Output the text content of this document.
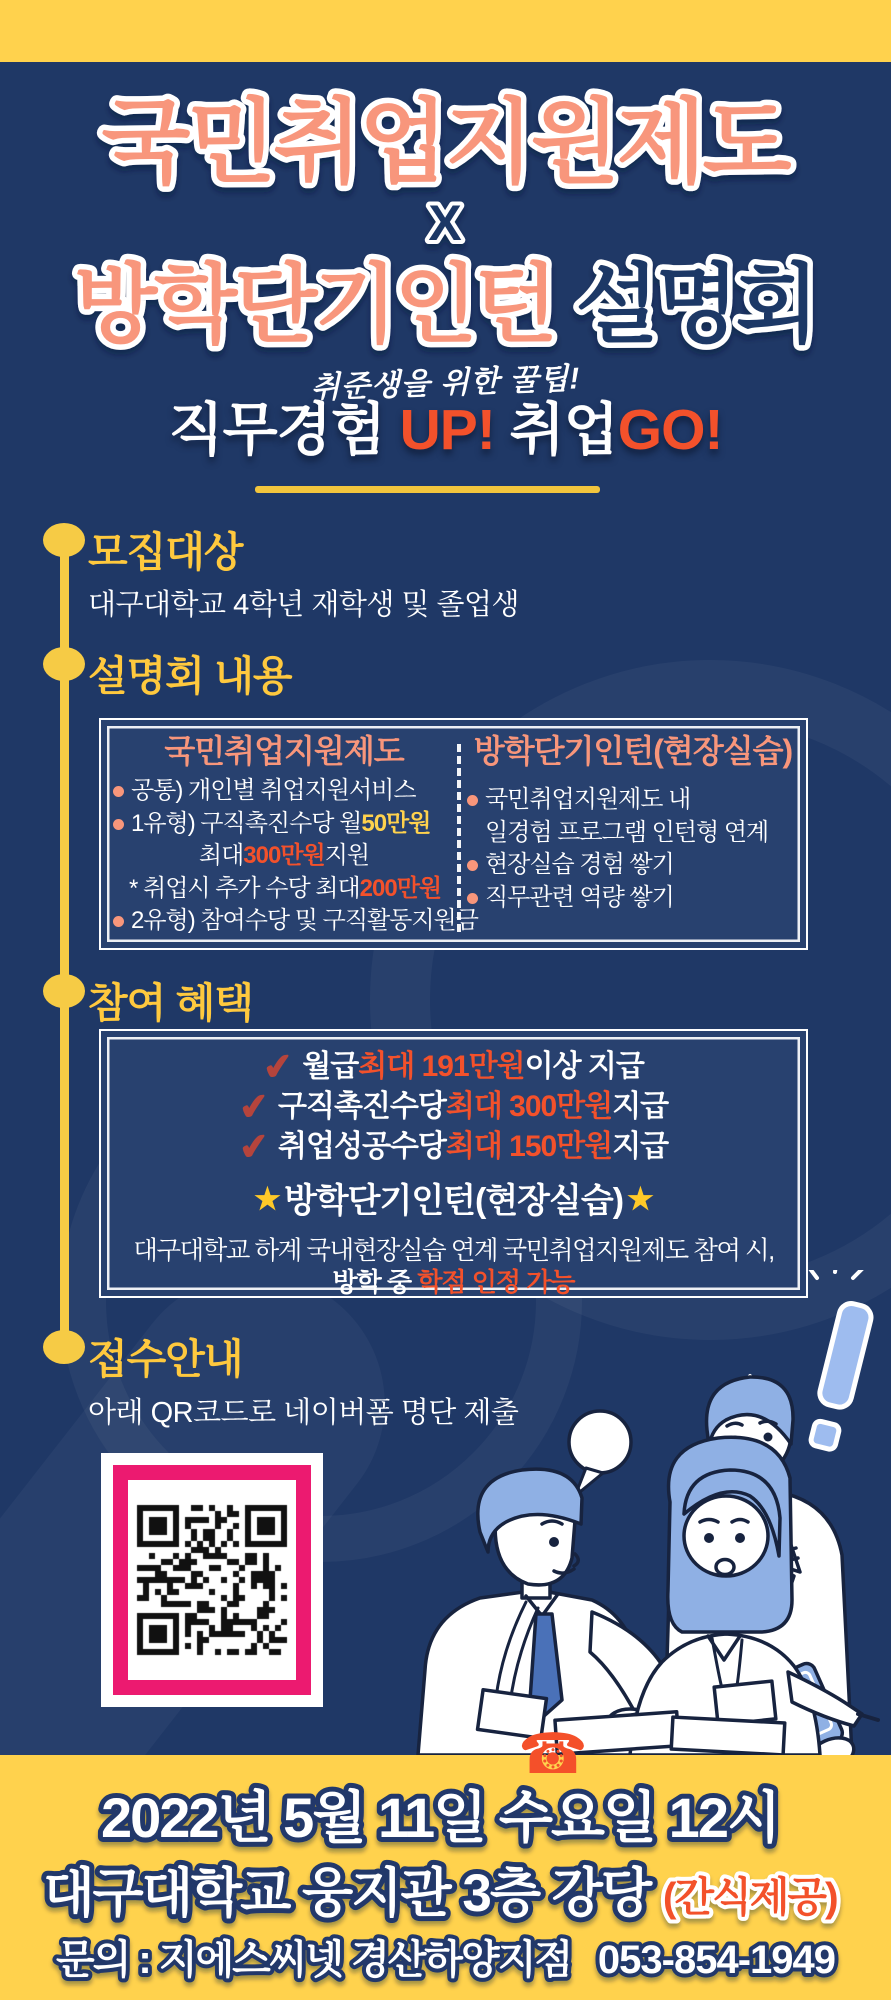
국민취업지원제도
X
방학단기인턴 설명회
취준생을 위한 꿀팁!
직무경험 UP! 취업GO!
모집대상
대구대학교 4학년 재학생 및 졸업생
설명회 내용
국민취업지원제도
공통) 개인별 취업지원서비스
1유형) 구직촉진수당 월 50만원
최대 300만원 지원
* 취업시 추가 수당 최대 200만원
2유형) 참여수당 및 구직활동지원금
방학단기인턴(현장실습)
국민취업지원제도 내
일경험 프로그램 인턴형 연계
현장실습 경험 쌓기
직무관련 역량 쌓기
참여 혜택
✔ 월급 최대 191만원 이상 지급
✔ 구직촉진수당 최대 300만원 지급
✔ 취업성공수당 최대 150만원 지급
★ 방학단기인턴(현장실습) ★
대구대학교 하계 국내현장실습 연계 국민취업지원제도 참여 시,
방학 중 학점 인정 가능
접수안내
아래 QR코드로 네이버폼 명단 제출
☎
2022년 5월 11일 수요일 12시
대구대학교 웅지관 3층 강당 (간식제공)
문의 : 지에스씨넷 경산하양지점 053-854-1949
